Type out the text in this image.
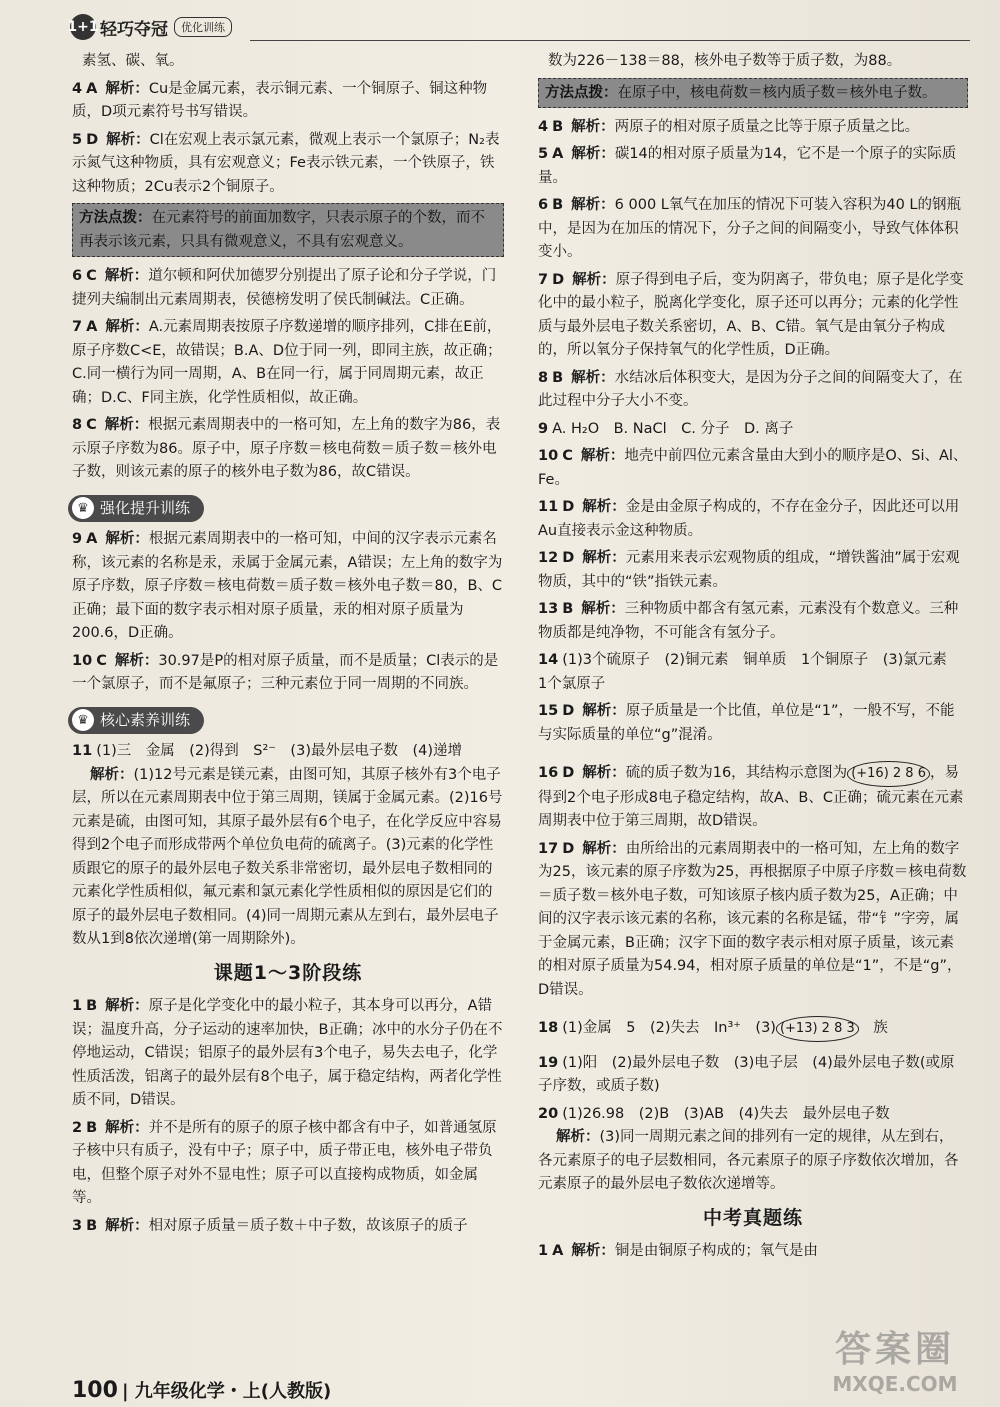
1+1 轻巧夺冠	优化训练
素氢、碳、氧。
4 A 解析：Cu是金属元素，表示铜元素、一个铜原子、铜这种物质，D项元素符号书写错误。
5 D 解析：Cl在宏观上表示氯元素，微观上表示一个氯原子；N₂表示氮气这种物质，具有宏观意义；Fe表示铁元素，一个铁原子，铁这种物质；2Cu表示2个铜原子。
方法点拨：在元素符号的前面加数字，只表示原子的个数，而不再表示该元素，只具有微观意义，不具有宏观意义。
6 C 解析：道尔顿和阿伏加德罗分别提出了原子论和分子学说，门捷列夫编制出元素周期表，侯德榜发明了侯氏制碱法。C正确。
7 A 解析：A.元素周期表按原子序数递增的顺序排列，C排在E前，原子序数C<E，故错误；B.A、D位于同一列，即同主族，故正确；C.同一横行为同一周期，A、B在同一行，属于同周期元素，故正确；D.C、F同主族，化学性质相似，故正确。
8 C 解析：根据元素周期表中的一格可知，左上角的数字为86，表示原子序数为86。原子中，原子序数＝核电荷数＝质子数＝核外电子数，则该元素的原子的核外电子数为86，故C错误。
♛ 强化提升训练
9 A 解析：根据元素周期表中的一格可知，中间的汉字表示元素名称，该元素的名称是汞，汞属于金属元素，A错误；左上角的数字为原子序数，原子序数＝核电荷数＝质子数＝核外电子数＝80，B、C正确；最下面的数字表示相对原子质量，汞的相对原子质量为200.6，D正确。
10 C 解析：30.97是P的相对原子质量，而不是质量；Cl表示的是一个氯原子，而不是氟原子；三种元素位于同一周期的不同族。
♛ 核心素养训练
11 (1)三　金属　(2)得到　S²⁻　(3)最外层电子数　(4)递增
解析：(1)12号元素是镁元素，由图可知，其原子核外有3个电子层，所以在元素周期表中位于第三周期，镁属于金属元素。(2)16号元素是硫，由图可知，其原子最外层有6个电子，在化学反应中容易得到2个电子而形成带两个单位负电荷的硫离子。(3)元素的化学性质跟它的原子的最外层电子数关系非常密切，最外层电子数相同的元素化学性质相似，氟元素和氯元素化学性质相似的原因是它们的原子的最外层电子数相同。(4)同一周期元素从左到右，最外层电子数从1到8依次递增(第一周期除外)。
课题1～3阶段练
1 B 解析：原子是化学变化中的最小粒子，其本身可以再分，A错误；温度升高，分子运动的速率加快，B正确；冰中的水分子仍在不停地运动，C错误；铝原子的最外层有3个电子，易失去电子，化学性质活泼，铝离子的最外层有8个电子，属于稳定结构，两者化学性质不同，D错误。
2 B 解析：并不是所有的原子的原子核中都含有中子，如普通氢原子核中只有质子，没有中子；原子中，质子带正电，核外电子带负电，但整个原子对外不显电性；原子可以直接构成物质，如金属等。
3 B 解析：相对原子质量＝质子数＋中子数，故该原子的质子
数为226－138＝88，核外电子数等于质子数，为88。
方法点拨：在原子中，核电荷数＝核内质子数＝核外电子数。
4 B 解析：两原子的相对原子质量之比等于原子质量之比。
5 A 解析：碳14的相对原子质量为14，它不是一个原子的实际质量。
6 B 解析：6 000 L氧气在加压的情况下可装入容积为40 L的钢瓶中，是因为在加压的情况下，分子之间的间隔变小，导致气体体积变小。
7 D 解析：原子得到电子后，变为阴离子，带负电；原子是化学变化中的最小粒子，脱离化学变化，原子还可以再分；元素的化学性质与最外层电子数关系密切，A、B、C错。氧气是由氧分子构成的，所以氧分子保持氧气的化学性质，D正确。
8 B 解析：水结冰后体积变大，是因为分子之间的间隔变大了，在此过程中分子大小不变。
9 A. H₂O　B. NaCl　C. 分子　D. 离子
10 C 解析：地壳中前四位元素含量由大到小的顺序是O、Si、Al、Fe。
11 D 解析：金是由金原子构成的，不存在金分子，因此还可以用Au直接表示金这种物质。
12 D 解析：元素用来表示宏观物质的组成，“增铁酱油”属于宏观物质，其中的“铁”指铁元素。
13 B 解析：三种物质中都含有氢元素，元素没有个数意义。三种物质都是纯净物，不可能含有氢分子。
14 (1)3个硫原子　(2)铜元素　铜单质　1个铜原子　(3)氯元素　1个氯原子
15 D 解析：原子质量是一个比值，单位是“1”，一般不写，不能与实际质量的单位“g”混淆。
16 D 解析：硫的质子数为16，其结构示意图为 (+16) 2 8 6 ，易得到2个电子形成8电子稳定结构，故A、B、C正确；硫元素在元素周期表中位于第三周期，故D错误。
17 D 解析：由所给出的元素周期表中的一格可知，左上角的数字为25，该元素的原子序数为25，再根据原子中原子序数＝核电荷数＝质子数＝核外电子数，可知该原子核内质子数为25，A正确；中间的汉字表示该元素的名称，该元素的名称是锰，带“钅”字旁，属于金属元素，B正确；汉字下面的数字表示相对原子质量，该元素的相对原子质量为54.94，相对原子质量的单位是“1”，不是“g”，D错误。
18 (1)金属　5　(2)失去　In³⁺　(3) (+13) 2 8 3　 族
19 (1)阳　(2)最外层电子数　(3)电子层　(4)最外层电子数(或原子序数，或质子数)
20 (1)26.98　(2)B　(3)AB　(4)失去　最外层电子数
解析：(3)同一周期元素之间的排列有一定的规律，从左到右，各元素原子的电子层数相同，各元素原子的原子序数依次增加，各元素原子的最外层电子数依次递增等。
中考真题练
1 A 解析：铜是由铜原子构成的；氧气是由
100 | 九年级化学・上(人教版)
答案圈
MXQE.COM
